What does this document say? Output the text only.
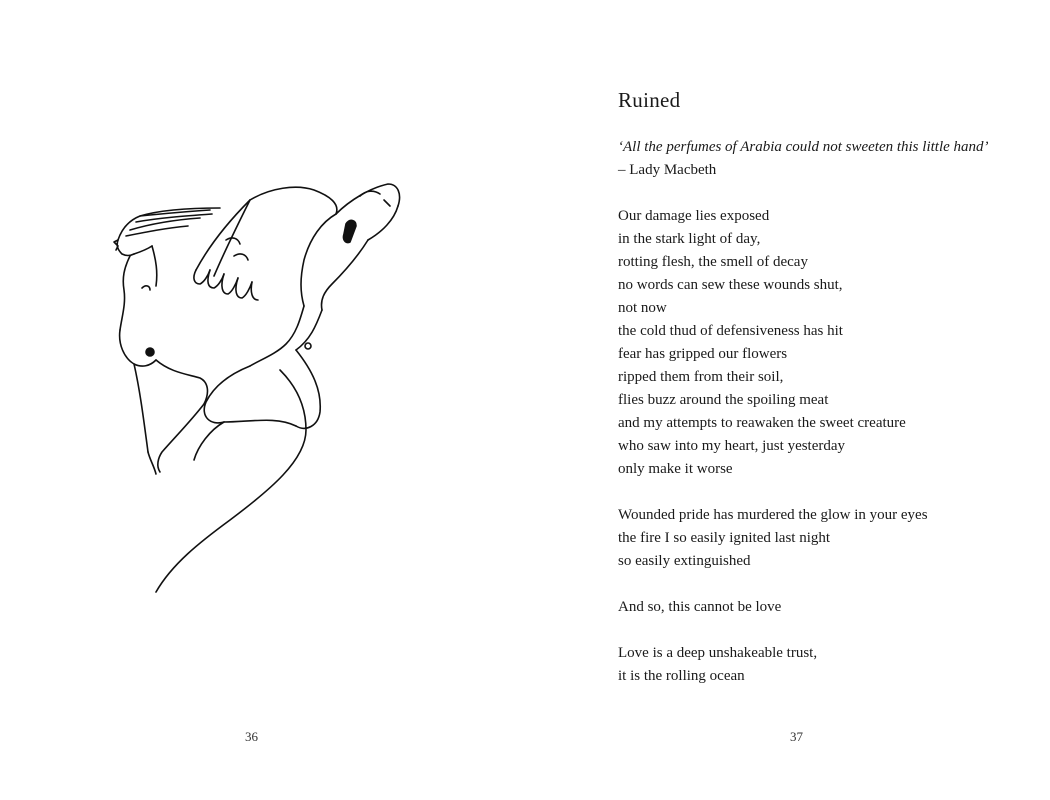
36
Ruined
‘All the perfumes of Arabia could not sweeten this little hand’
– Lady Macbeth
Our damage lies exposed
in the stark light of day,
rotting flesh, the smell of decay
no words can sew these wounds shut,
not now
the cold thud of defensiveness has hit
fear has gripped our flowers
ripped them from their soil,
flies buzz around the spoiling meat
and my attempts to reawaken the sweet creature
who saw into my heart, just yesterday
only make it worse
Wounded pride has murdered the glow in your eyes
the fire I so easily ignited last night
so easily extinguished
And so, this cannot be love
Love is a deep unshakeable trust,
it is the rolling ocean
37
